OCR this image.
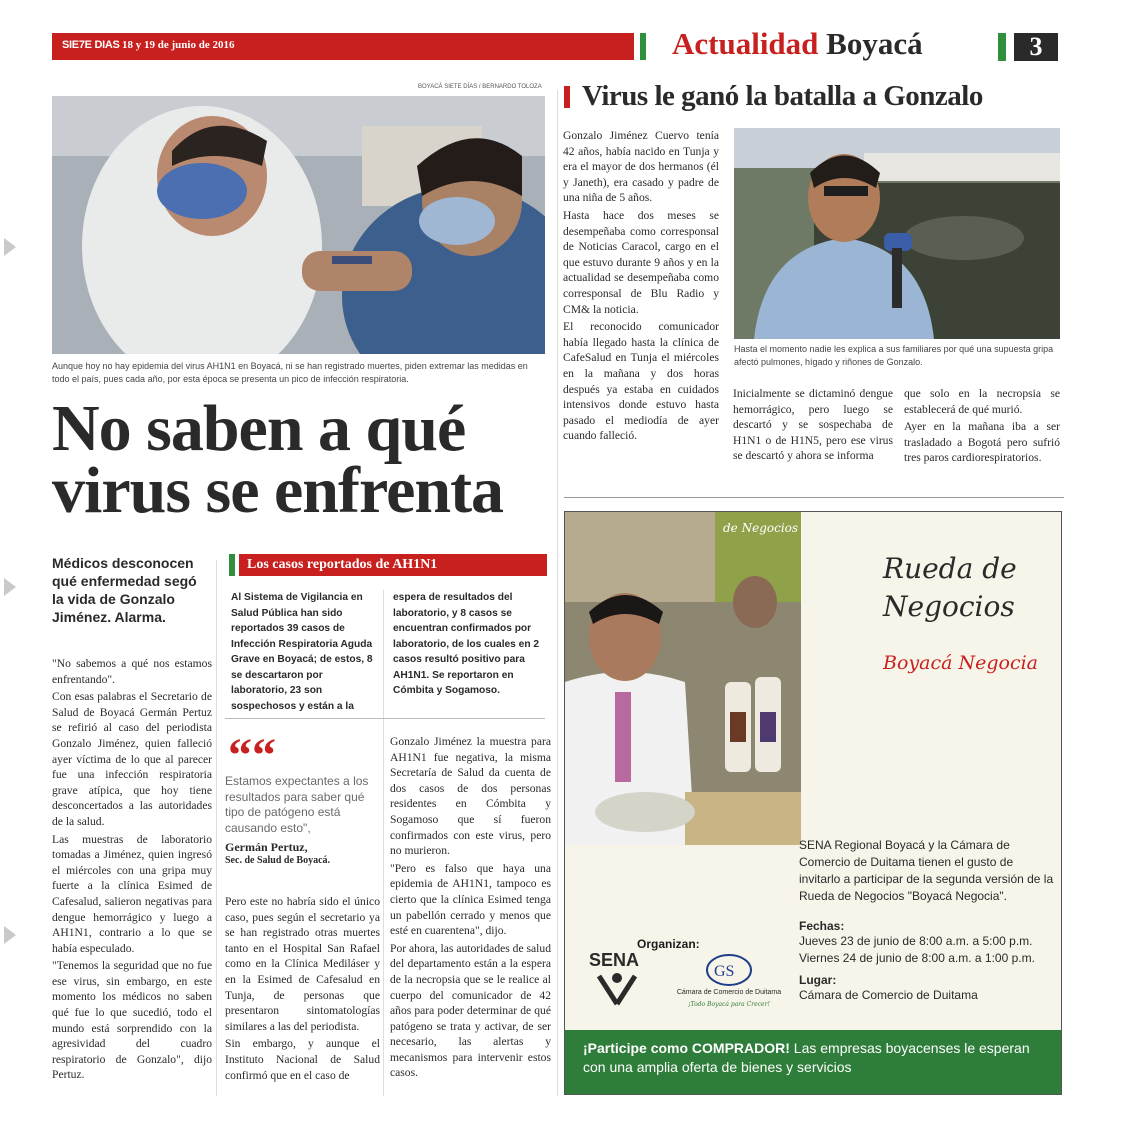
SIE7E DIAS 18 y 19 de junio de 2016	Actualidad Boyacá	3
BOYACÁ SIETE DÍAS / BERNARDO TOLOZA
Aunque hoy no hay epidemia del virus AH1N1 en Boyacá, ni se han registrado muertes, piden extremar las medidas en todo el país, pues cada año, por esta época se presenta un pico de infección respiratoria.
No saben a qué virus se enfrenta
Médicos desconocen qué enfermedad segó la vida de Gonzalo Jiménez. Alarma.

"No sabemos a qué nos estamos enfrentando".

Con esas palabras el Secretario de Salud de Boyacá Germán Pertuz se refirió al caso del periodista Gonzalo Jiménez, quien falleció ayer víctima de lo que al parecer fue una infección respiratoria grave atípica, que hoy tiene desconcertados a las autoridades de la salud.

Las muestras de laboratorio tomadas a Jiménez, quien ingresó el miércoles con una gripa muy fuerte a la clínica Esimed de Cafesalud, salieron negativas para dengue hemorrágico y luego a AH1N1, contrario a lo que se había especulado.

"Tenemos la seguridad que no fue ese virus, sin embargo, en este momento los médicos no saben qué fue lo que sucedió, todo el mundo está sorprendido con la agresividad del cuadro respiratorio de Gonzalo", dijo Pertuz.

Los casos reportados de AH1N1
Al Sistema de Vigilancia en Salud Pública han sido reportados 39 casos de Infección Respiratoria Aguda Grave en Boyacá; de estos, 8 se descartaron por laboratorio, 23 son sospechosos y están a la
espera de resultados del laboratorio, y 8 casos se encuentran confirmados por laboratorio, de los cuales en 2 casos resultó positivo para AH1N1. Se reportaron en Cómbita y Sogamoso.
““
Estamos expectantes a los resultados para saber qué tipo de patógeno está causando esto",
Germán Pertuz,
Sec. de Salud de Boyacá.

Pero este no habría sido el único caso, pues según el secretario ya se han registrado otras muertes tanto en el Hospital San Rafael como en la Clínica Mediláser y en la Esimed de Cafesalud en Tunja, de personas que presentaron sintomatologías similares a las del periodista.

Sin embargo, y aunque el Instituto Nacional de Salud confirmó que en el caso de

Gonzalo Jiménez la muestra para AH1N1 fue negativa, la misma Secretaría de Salud da cuenta de dos casos de dos personas residentes en Cómbita y Sogamoso que sí fueron confirmados con este virus, pero no murieron.

"Pero es falso que haya una epidemia de AH1N1, tampoco es cierto que la clínica Esimed tenga un pabellón cerrado y menos que esté en cuarentena", dijo.

Por ahora, las autoridades de salud del departamento están a la espera de la necropsia que se le realice al cuerpo del comunicador de 42 años para poder determinar de qué patógeno se trata y activar, de ser necesario, las alertas y mecanismos para intervenir estos casos.

Virus le ganó la batalla a Gonzalo

Gonzalo Jiménez Cuervo tenía 42 años, había nacido en Tunja y era el mayor de dos hermanos (él y Janeth), era casado y padre de una niña de 5 años.

Hasta hace dos meses se desempeñaba como corresponsal de Noticias Caracol, cargo en el que estuvo durante 9 años y en la actualidad se desempeñaba como corresponsal de Blu Radio y CM& la noticia.

El reconocido comunicador había llegado hasta la clínica de CafeSalud en Tunja el miércoles en la mañana y dos horas después ya estaba en cuidados intensivos donde estuvo hasta pasado el mediodía de ayer cuando falleció.

Hasta el momento nadie les explica a sus familiares por qué una supuesta gripa afectó pulmones, hígado y riñones de Gonzalo.
Inicialmente se dictaminó dengue hemorrágico, pero luego se descartó y se sospechaba de H1N1 o de H1N5, pero ese virus se descartó y ahora se informa

que solo en la necropsia se establecerá de qué murió.

Ayer en la mañana iba a ser trasladado a Bogotá pero sufrió tres paros cardiorespiratorios.

de Negocios
Rueda de
Negocios
Boyacá Negocia
Organizan:
SENA
GS
Cámara de Comercio de Duitama
¡Todo Boyacá para Crecer!
SENA Regional Boyacá y la Cámara de Comercio de Duitama tienen el gusto de invitarlo a participar de la segunda versión de la Rueda de Negocios "Boyacá Negocia".
Fechas:
Jueves 23 de junio de 8:00 a.m. a 5:00 p.m.
Viernes 24 de junio de 8:00 a.m. a 1:00 p.m.
Lugar:
Cámara de Comercio de Duitama
¡Participe como COMPRADOR! Las empresas boyacenses le esperan con una amplia oferta de bienes y servicios
